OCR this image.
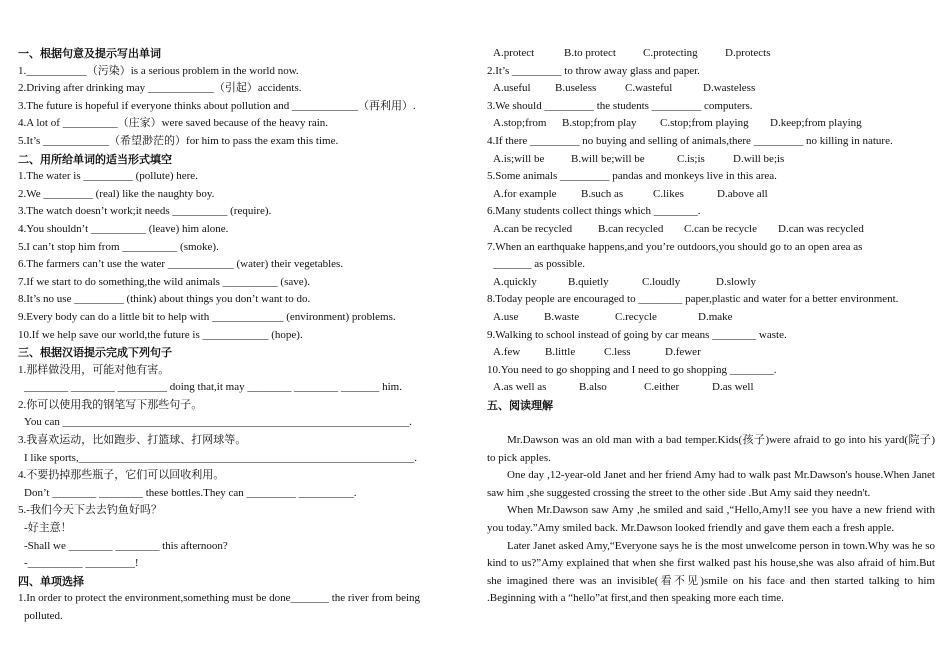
一、根据句意及提示写出单词
1.___________（污染）is a serious problem in the world now.
2.Driving after drinking may ____________（引起）accidents.
3.The future is hopeful if everyone thinks about pollution and ____________（再利用）.
4.A lot of __________（庄家）were saved because of the heavy rain.
5.It’s ____________（希望渺茫的）for him to pass the exam this time.
二、用所给单词的适当形式填空
1.The water is _________ (pollute) here.
2.We _________ (real) like the naughty boy.
3.The watch doesn’t work;it needs __________ (require).
4.You shouldn’t __________ (leave) him alone.
5.I can’t stop him from __________ (smoke).
6.The farmers can’t use the water ____________ (water) their vegetables.
7.If we start to do something,the wild animals __________ (save).
8.It’s no use _________ (think) about things you don’t want to do.
9.Every body can do a little bit to help with _____________ (environment) problems.
10.If we help save our world,the future is ____________ (hope).
三、根据汉语提示完成下列句子
1.那样做没用，可能对他有害。
________ ________ _________ doing that,it may ________ ________ _______ him.
2.你可以使用我的钢笔写下那些句子。
You can _______________________________________________________________.
3.我喜欢运动，比如跑步、打篮球、打网球等。
I like sports,_____________________________________________________________.
4.不要扔掉那些瓶子，它们可以回收利用。
Don’t ________ ________ these bottles.They can _________ __________.
5.-我们今天下去去钓鱼好吗？
-好主意！
-Shall we ________ ________ this afternoon?
-__________ _________!
四、单项选择
1.In order to protect the environment,something must be done_______ the river from being
polluted.
A.protect	B.to protect C.protecting D.protects
2.It’s _________ to throw away glass and paper.
A.useful B.useless	C.wasteful	D.wasteless
3.We should _________ the students _________ computers.
A.stop;from B.stop;from play C.stop;from playing D.keep;from playing
4.If there _________ no buying and selling of animals,there _________ no killing in nature.
A.is;will be B.will be;will be	C.is;is	D.will be;is
5.Some animals _________ pandas and monkeys live in this area.
A.for example B.such as	C.likes	D.above all
6.Many students collect things which ________.
A.can be recycled B.can recycled C.can be recycle D.can was recycled
7.When an earthquake happens,and you’re outdoors,you should go to an open area as
_______ as possible.
A.quickly	B.quietly	C.loudly	D.slowly
8.Today people are encouraged to ________ paper,plastic and water for a better environment.
A.use B.waste	C.recycle	D.make
9.Walking to school instead of going by car means ________ waste.
A.few B.little	C.less	D.fewer
10.You need to go shopping and I need to go shopping ________.
A.as well as	B.also	C.either	D.as well
五、阅读理解

Mr.Dawson was an old man with a bad temper.Kids(孩子)were afraid to go into his yard(院子) to pick apples.

One day ,12-year-old Janet and her friend Amy had to walk past Mr.Dawson's house.When Janet saw him ,she suggested crossing the street to the other side .But Amy said they needn't.

When Mr.Dawson saw Amy ,he smiled and said ,“Hello,Amy!I see you have a new friend with you today.”Amy smiled back. Mr.Dawson looked friendly and gave them each a fresh apple.

Later Janet asked Amy,“Everyone says he is the most unwelcome person in town.Why was he so kind to us?”Amy explained that when she first walked past his house,she was also afraid of him.But she imagined there was an invisible(看不见)smile on his face and then started talking to him .Beginning with a “hello”at first,and then speaking more each time.
